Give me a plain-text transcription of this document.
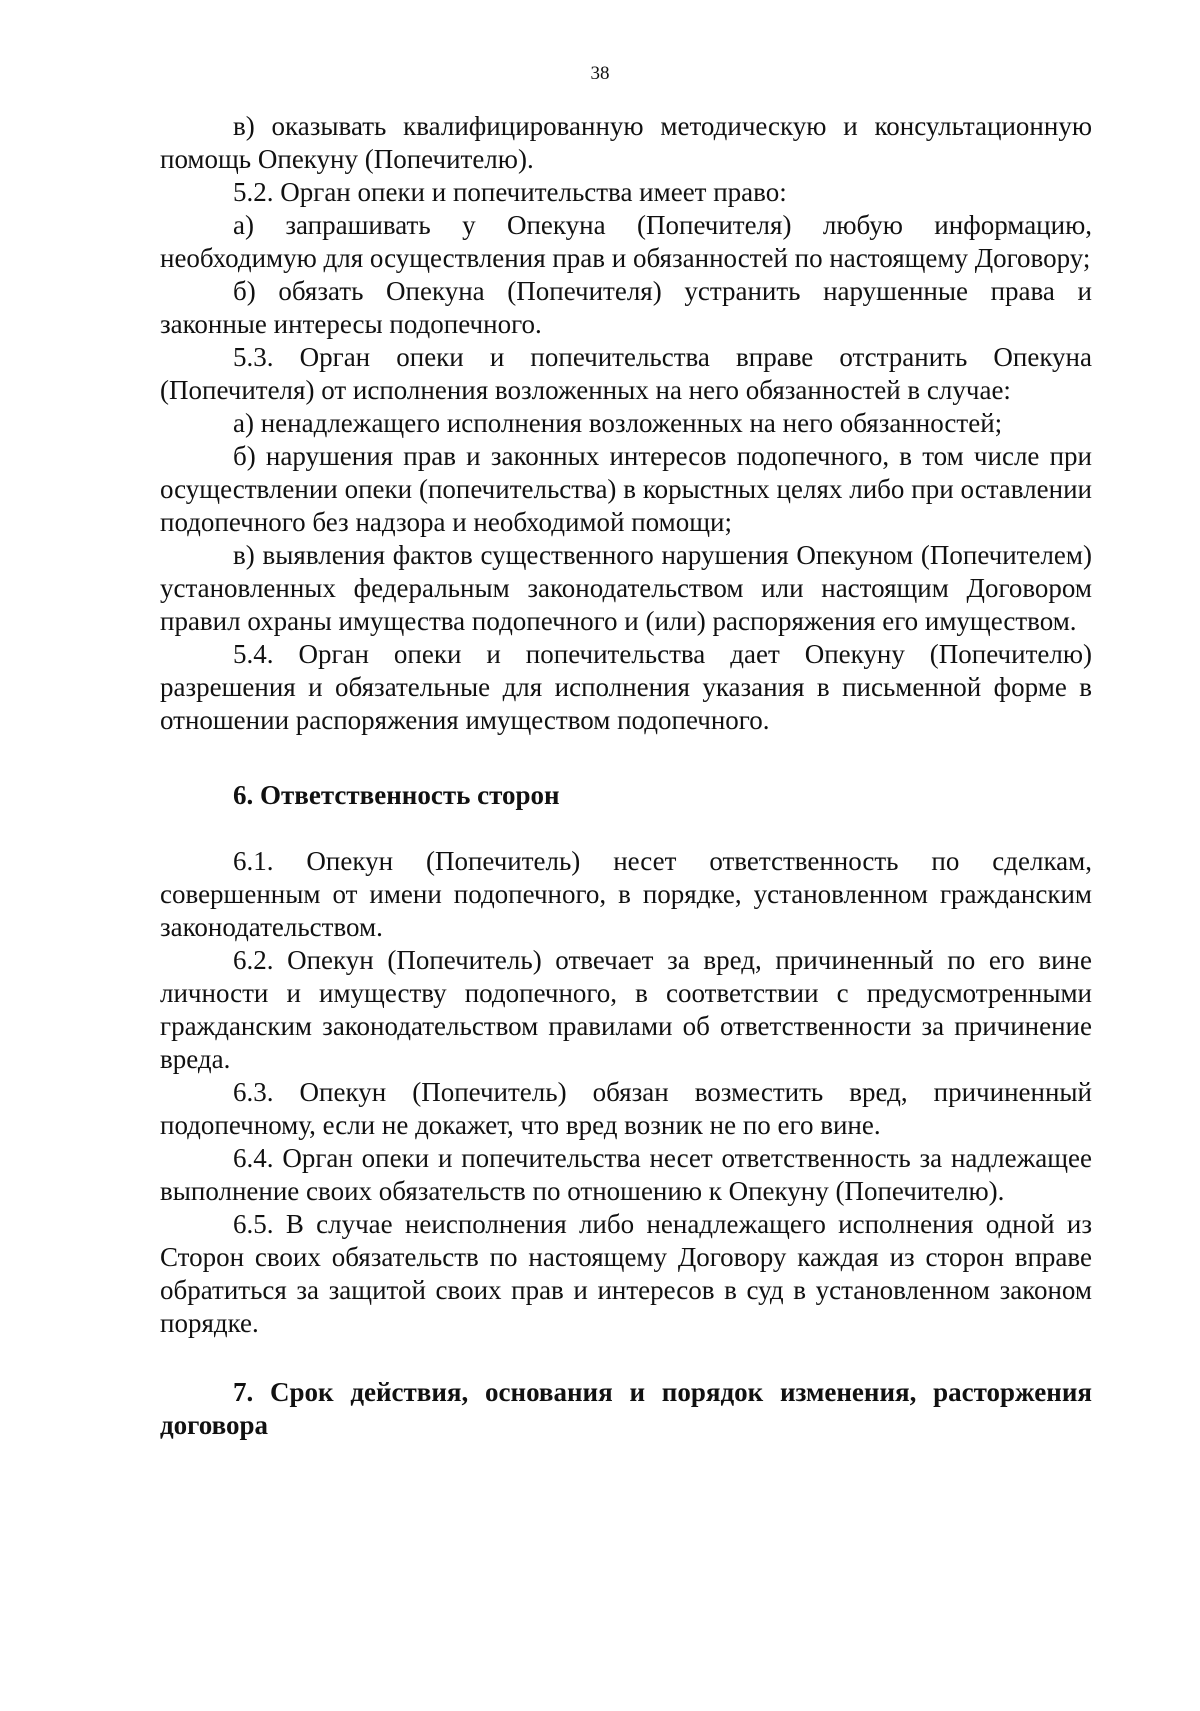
38

в) оказывать квалифицированную методическую и консультационную помощь Опекуну (Попечителю).

5.2. Орган опеки и попечительства имеет право:

а) запрашивать у Опекуна (Попечителя) любую информацию, необходимую для осуществления прав и обязанностей по настоящему Договору;

б) обязать Опекуна (Попечителя) устранить нарушенные права и законные интересы подопечного.

5.3. Орган опеки и попечительства вправе отстранить Опекуна (Попечителя) от исполнения возложенных на него обязанностей в случае:

а) ненадлежащего исполнения возложенных на него обязанностей;

б) нарушения прав и законных интересов подопечного, в том числе при осуществлении опеки (попечительства) в корыстных целях либо при оставлении подопечного без надзора и необходимой помощи;

в) выявления фактов существенного нарушения Опекуном (Попечителем) установленных федеральным законодательством или настоящим Договором правил охраны имущества подопечного и (или) распоряжения его имуществом.

5.4. Орган опеки и попечительства дает Опекуну (Попечителю) разрешения и обязательные для исполнения указания в письменной форме в отношении распоряжения имуществом подопечного.

6. Ответственность сторон

6.1. Опекун (Попечитель) несет ответственность по сделкам, совершенным от имени подопечного, в порядке, установленном гражданским законодательством.

6.2. Опекун (Попечитель) отвечает за вред, причиненный по его вине личности и имуществу подопечного, в соответствии с предусмотренными гражданским законодательством правилами об ответственности за причинение вреда.

6.3. Опекун (Попечитель) обязан возместить вред, причиненный подопечному, если не докажет, что вред возник не по его вине.

6.4. Орган опеки и попечительства несет ответственность за надлежащее выполнение своих обязательств по отношению к Опекуну (Попечителю).

6.5. В случае неисполнения либо ненадлежащего исполнения одной из Сторон своих обязательств по настоящему Договору каждая из сторон вправе обратиться за защитой своих прав и интересов в суд в установленном законом порядке.

7. Срок действия, основания и порядок изменения, расторжения договора
